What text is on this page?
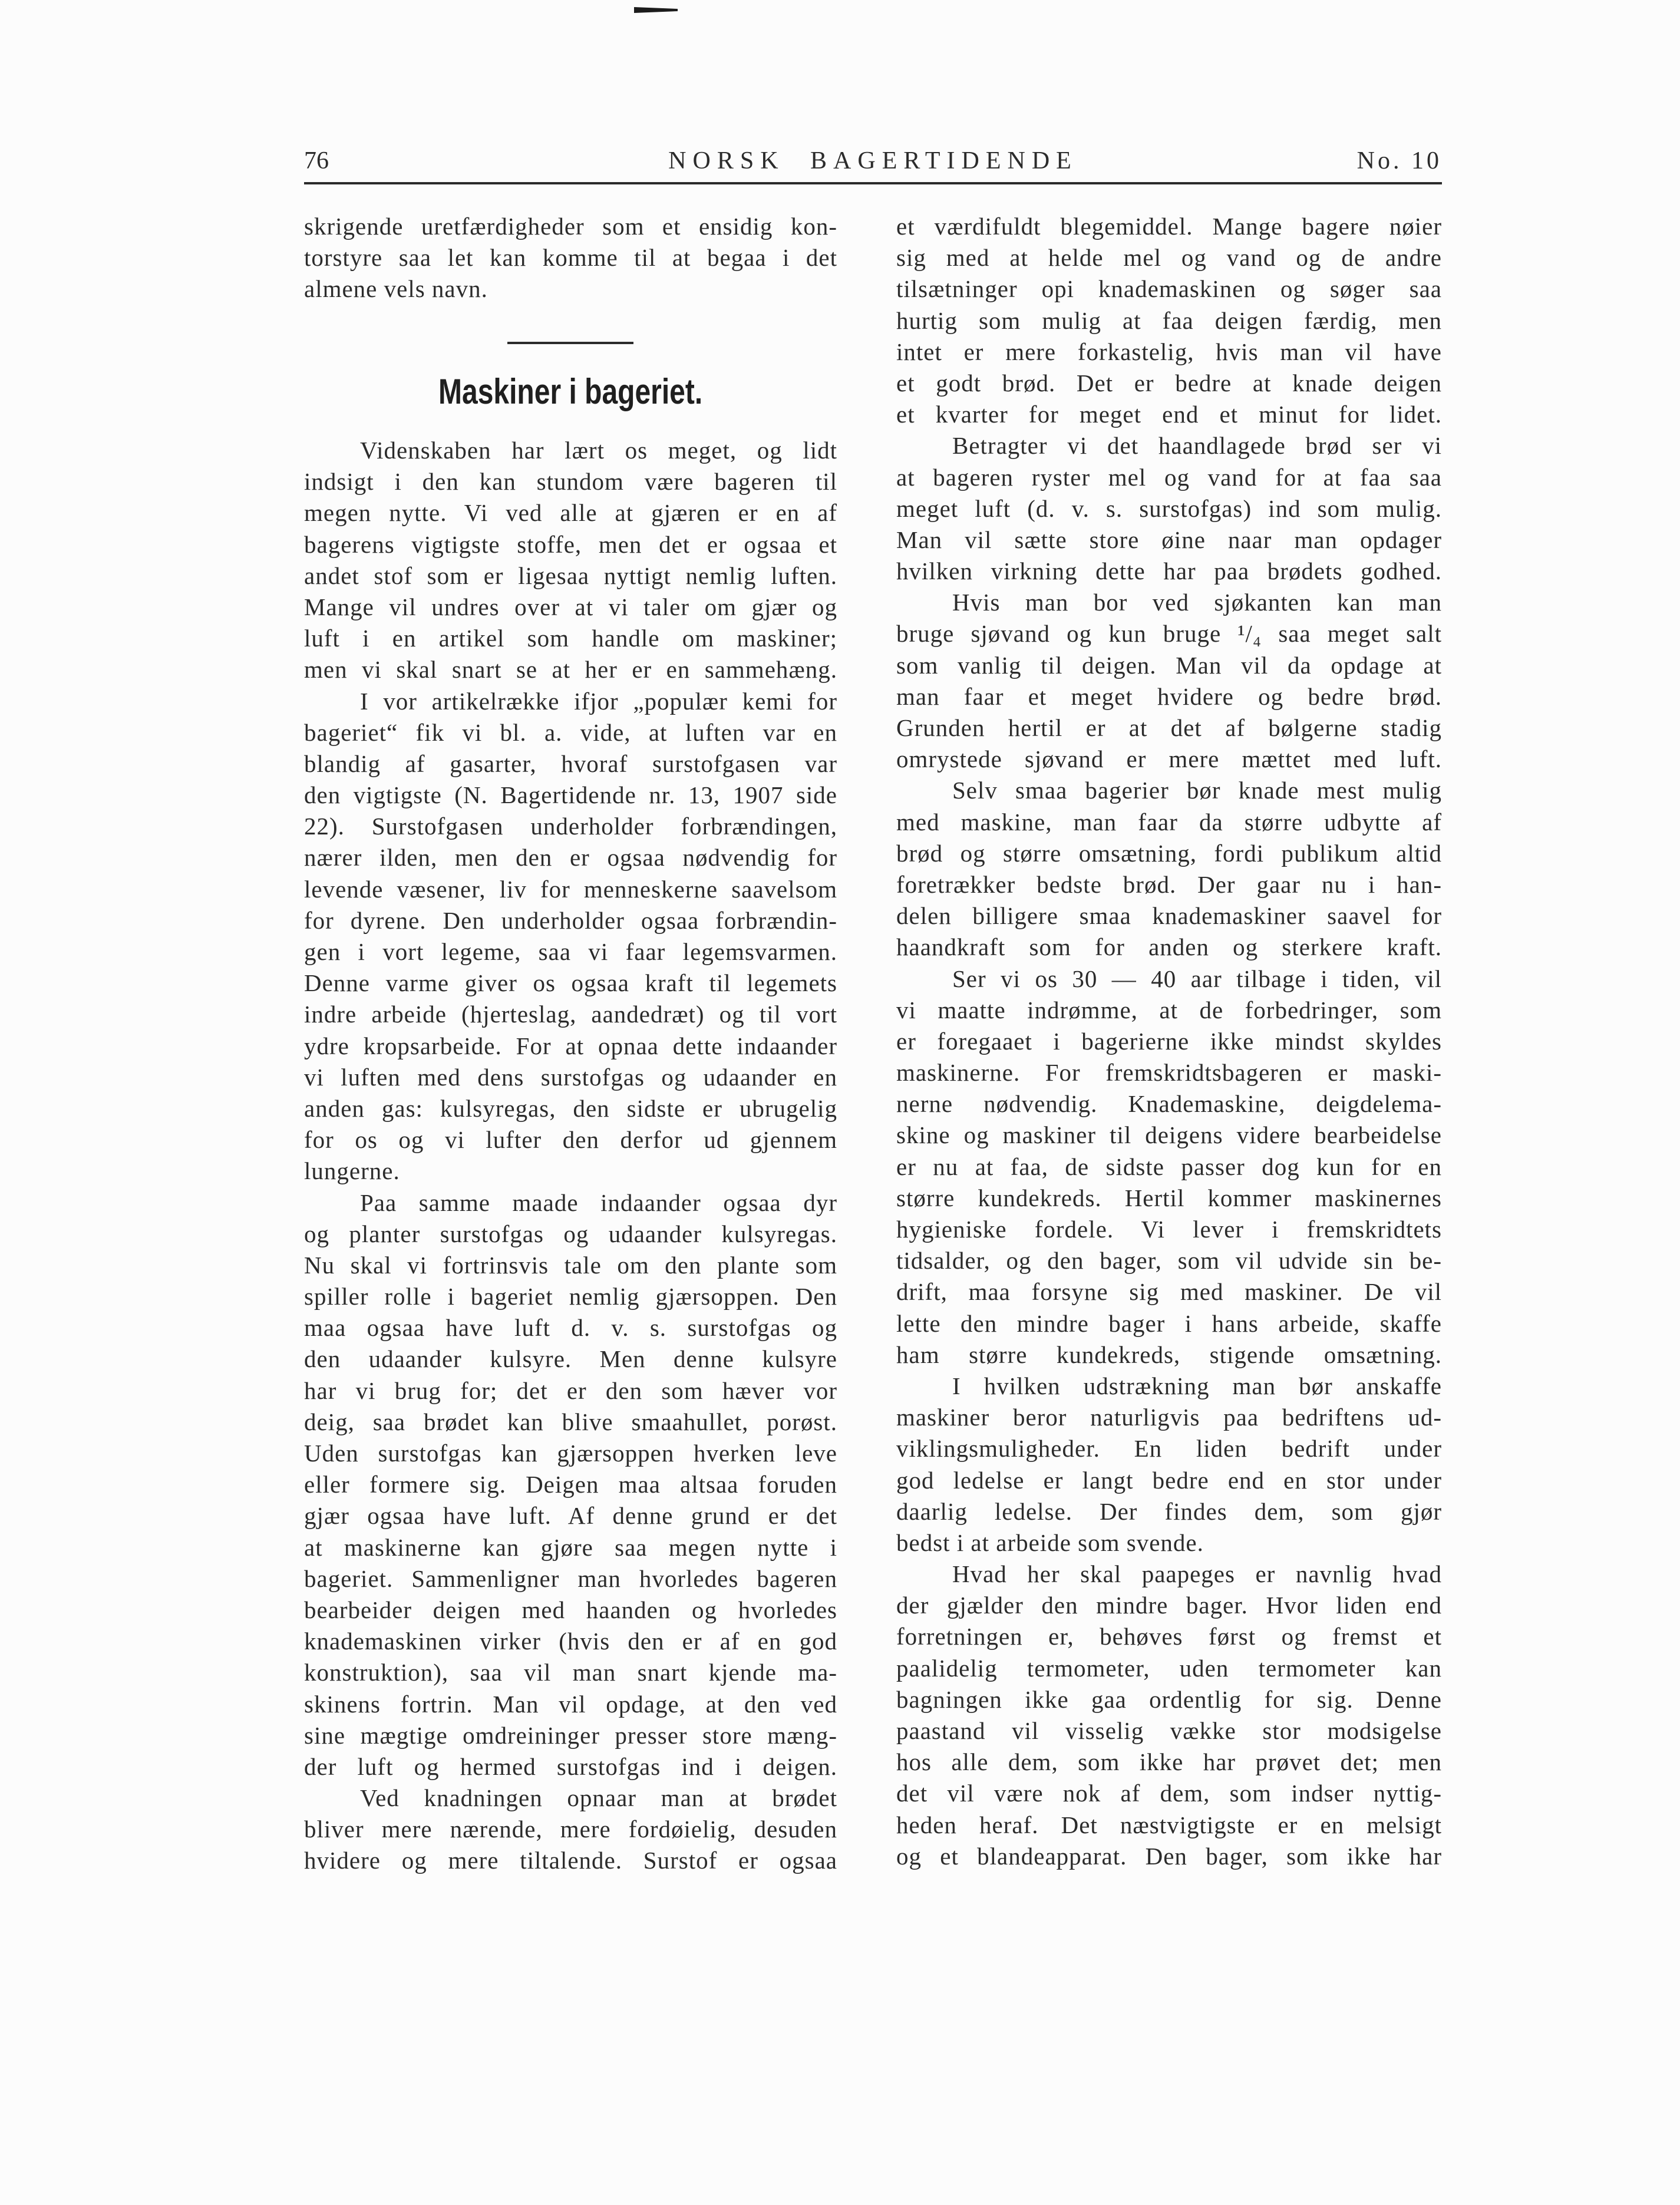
76	NORSK BAGERTIDENDE	No. 10
skrigende uretfærdigheder som et ensidig kon-
torstyre saa let kan komme til at begaa i det
almene vels navn.
Maskiner i bageriet.
Videnskaben har lært os meget, og lidt
indsigt i den kan stundom være bageren til
megen nytte. Vi ved alle at gjæren er en af
bagerens vigtigste stoffe, men det er ogsaa et
andet stof som er ligesaa nyttigt nemlig luften.
Mange vil undres over at vi taler om gjær og
luft i en artikel som handle om maskiner;
men vi skal snart se at her er en sammehæng.
I vor artikelrække ifjor „populær kemi for
bageriet“ fik vi bl. a. vide, at luften var en
blandig af gasarter, hvoraf surstofgasen var
den vigtigste (N. Bagertidende nr. 13, 1907 side
22). Surstofgasen underholder forbrændingen,
nærer ilden, men den er ogsaa nødvendig for
levende væsener, liv for menneskerne saavelsom
for dyrene. Den underholder ogsaa forbrændin-
gen i vort legeme, saa vi faar legemsvarmen.
Denne varme giver os ogsaa kraft til legemets
indre arbeide (hjerteslag, aandedræt) og til vort
ydre kropsarbeide. For at opnaa dette indaander
vi luften med dens surstofgas og udaander en
anden gas: kulsyregas, den sidste er ubrugelig
for os og vi lufter den derfor ud gjennem
lungerne.
Paa samme maade indaander ogsaa dyr
og planter surstofgas og udaander kulsyregas.
Nu skal vi fortrinsvis tale om den plante som
spiller rolle i bageriet nemlig gjærsoppen. Den
maa ogsaa have luft d. v. s. surstofgas og
den udaander kulsyre. Men denne kulsyre
har vi brug for; det er den som hæver vor
deig, saa brødet kan blive smaahullet, porøst.
Uden surstofgas kan gjærsoppen hverken leve
eller formere sig. Deigen maa altsaa foruden
gjær ogsaa have luft. Af denne grund er det
at maskinerne kan gjøre saa megen nytte i
bageriet. Sammenligner man hvorledes bageren
bearbeider deigen med haanden og hvorledes
knademaskinen virker (hvis den er af en god
konstruktion), saa vil man snart kjende ma-
skinens fortrin. Man vil opdage, at den ved
sine mægtige omdreininger presser store mæng-
der luft og hermed surstofgas ind i deigen.
Ved knadningen opnaar man at brødet
bliver mere nærende, mere fordøielig, desuden
hvidere og mere tiltalende. Surstof er ogsaa
et værdifuldt blegemiddel. Mange bagere nøier
sig med at helde mel og vand og de andre
tilsætninger opi knademaskinen og søger saa
hurtig som mulig at faa deigen færdig, men
intet er mere forkastelig, hvis man vil have
et godt brød. Det er bedre at knade deigen
et kvarter for meget end et minut for lidet.
Betragter vi det haandlagede brød ser vi
at bageren ryster mel og vand for at faa saa
meget luft (d. v. s. surstofgas) ind som mulig.
Man vil sætte store øine naar man opdager
hvilken virkning dette har paa brødets godhed.
Hvis man bor ved sjøkanten kan man
bruge sjøvand og kun bruge ¹/₄ saa meget salt
som vanlig til deigen. Man vil da opdage at
man faar et meget hvidere og bedre brød.
Grunden hertil er at det af bølgerne stadig
omrystede sjøvand er mere mættet med luft.
Selv smaa bagerier bør knade mest mulig
med maskine, man faar da større udbytte af
brød og større omsætning, fordi publikum altid
foretrækker bedste brød. Der gaar nu i han-
delen billigere smaa knademaskiner saavel for
haandkraft som for anden og sterkere kraft.
Ser vi os 30 — 40 aar tilbage i tiden, vil
vi maatte indrømme, at de forbedringer, som
er foregaaet i bagerierne ikke mindst skyldes
maskinerne. For fremskridtsbageren er maski-
nerne nødvendig. Knademaskine, deigdelema-
skine og maskiner til deigens videre bearbeidelse
er nu at faa, de sidste passer dog kun for en
større kundekreds. Hertil kommer maskinernes
hygieniske fordele. Vi lever i fremskridtets
tidsalder, og den bager, som vil udvide sin be-
drift, maa forsyne sig med maskiner. De vil
lette den mindre bager i hans arbeide, skaffe
ham større kundekreds, stigende omsætning.
I hvilken udstrækning man bør anskaffe
maskiner beror naturligvis paa bedriftens ud-
viklingsmuligheder. En liden bedrift under
god ledelse er langt bedre end en stor under
daarlig ledelse. Der findes dem, som gjør
bedst i at arbeide som svende.
Hvad her skal paapeges er navnlig hvad
der gjælder den mindre bager. Hvor liden end
forretningen er, behøves først og fremst et
paalidelig termometer, uden termometer kan
bagningen ikke gaa ordentlig for sig. Denne
paastand vil visselig vække stor modsigelse
hos alle dem, som ikke har prøvet det; men
det vil være nok af dem, som indser nyttig-
heden heraf. Det næstvigtigste er en melsigt
og et blandeapparat. Den bager, som ikke har
